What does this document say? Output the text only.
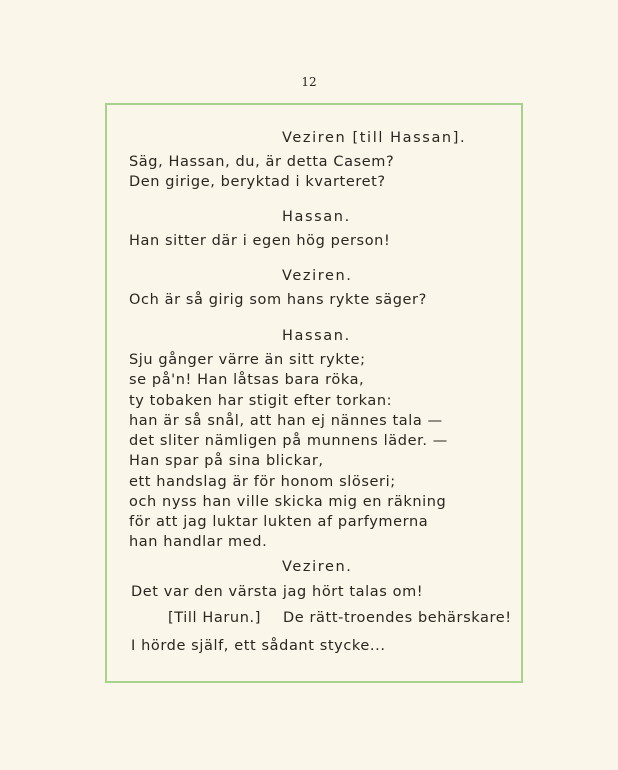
12
Veziren [till Hassan].
Säg, Hassan, du, är detta Casem?
Den girige, beryktad i kvarteret?
Hassan.
Han sitter där i egen hög person!
Veziren.
Och är så girig som hans rykte säger?
Hassan.
Sju gånger värre än sitt rykte;
se på'n! Han låtsas bara röka,
ty tobaken har stigit efter torkan:
han är så snål, att han ej nännes tala —
det sliter nämligen på munnens läder. —
Han spar på sina blickar,
ett handslag är för honom slöseri;
och nyss han ville skicka mig en räkning
för att jag luktar lukten af parfymerna
han handlar med.
Veziren.
Det var den värsta jag hört talas om!
[Till Harun.] De rätt-troendes behärskare!
I hörde själf, ett sådant stycke...
